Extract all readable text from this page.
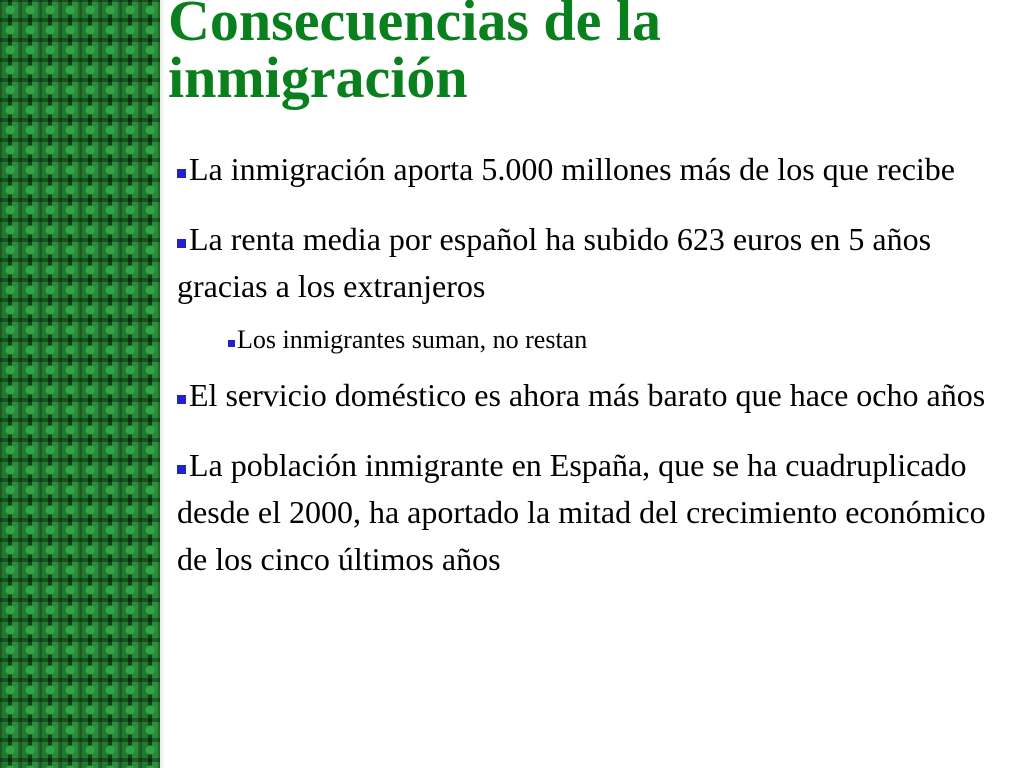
Consecuencias de la inmigración

La inmigración aporta 5.000 millones más de los que recibe

La renta media por español ha subido 623 euros en 5 años gracias a los extranjeros

Los inmigrantes suman, no restan

El servicio doméstico es ahora más barato que hace ocho años

La población inmigrante en España, que se ha cuadruplicado desde el 2000, ha aportado la mitad del crecimiento económico de los cinco últimos años
